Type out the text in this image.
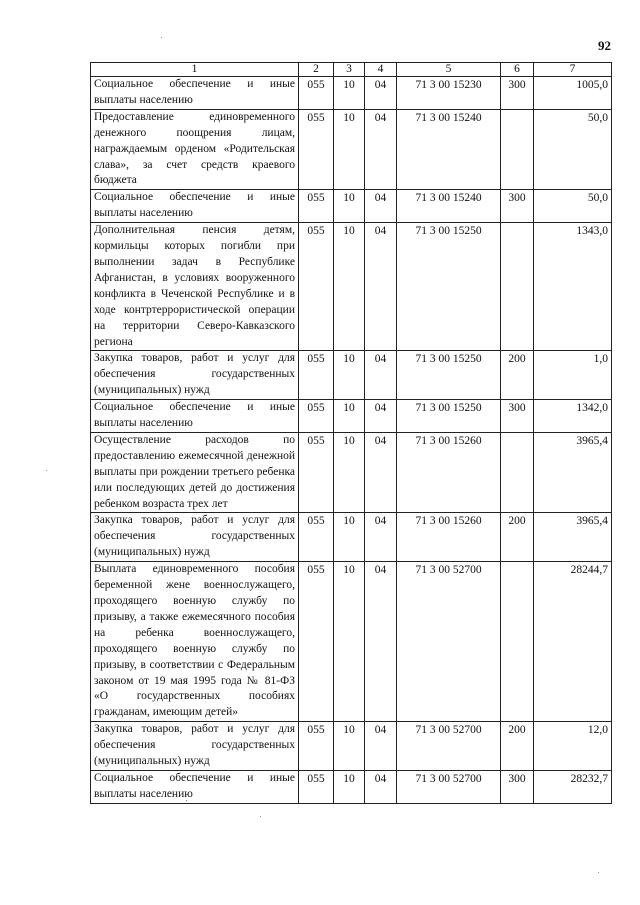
92
1	2	3	4	5	6	7
Социальное обеспечение и иные выплаты населению	055	10	04	71 3 00 15230	300	1005,0
Предоставление единовременного денежного поощрения лицам, награждаемым орденом «Родительская слава», за счет средств краевого бюджета	055	10	04	71 3 00 15240		50,0
Социальное обеспечение и иные выплаты населению	055	10	04	71 3 00 15240	300	50,0
Дополнительная пенсия детям, кормильцы которых погибли при выполнении задач в Республике Афганистан, в условиях вооруженного конфликта в Чеченской Республике и в ходе контртеррористической операции на территории Северо-Кавказского региона	055	10	04	71 3 00 15250		1343,0
Закупка товаров, работ и услуг для обеспечения государственных (муниципальных) нужд	055	10	04	71 3 00 15250	200	1,0
Социальное обеспечение и иные выплаты населению	055	10	04	71 3 00 15250	300	1342,0
Осуществление расходов по предоставлению ежемесячной денежной выплаты при рождении третьего ребенка или последующих детей до достижения ребенком возраста трех лет	055	10	04	71 3 00 15260		3965,4
Закупка товаров, работ и услуг для обеспечения государственных (муниципальных) нужд	055	10	04	71 3 00 15260	200	3965,4
Выплата единовременного пособия беременной жене военнослужащего, проходящего военную службу по призыву, а также ежемесячного пособия на ребенка военнослужащего, проходящего военную службу по призыву, в соответствии с Федеральным законом от 19 мая 1995 года № 81-ФЗ «О государственных пособиях гражданам, имеющим детей»	055	10	04	71 3 00 52700		28244,7
Закупка товаров, работ и услуг для обеспечения государственных (муниципальных) нужд	055	10	04	71 3 00 52700	200	12,0
Социальное обеспечение и иные выплаты населению	055	10	04	71 3 00 52700	300	28232,7
